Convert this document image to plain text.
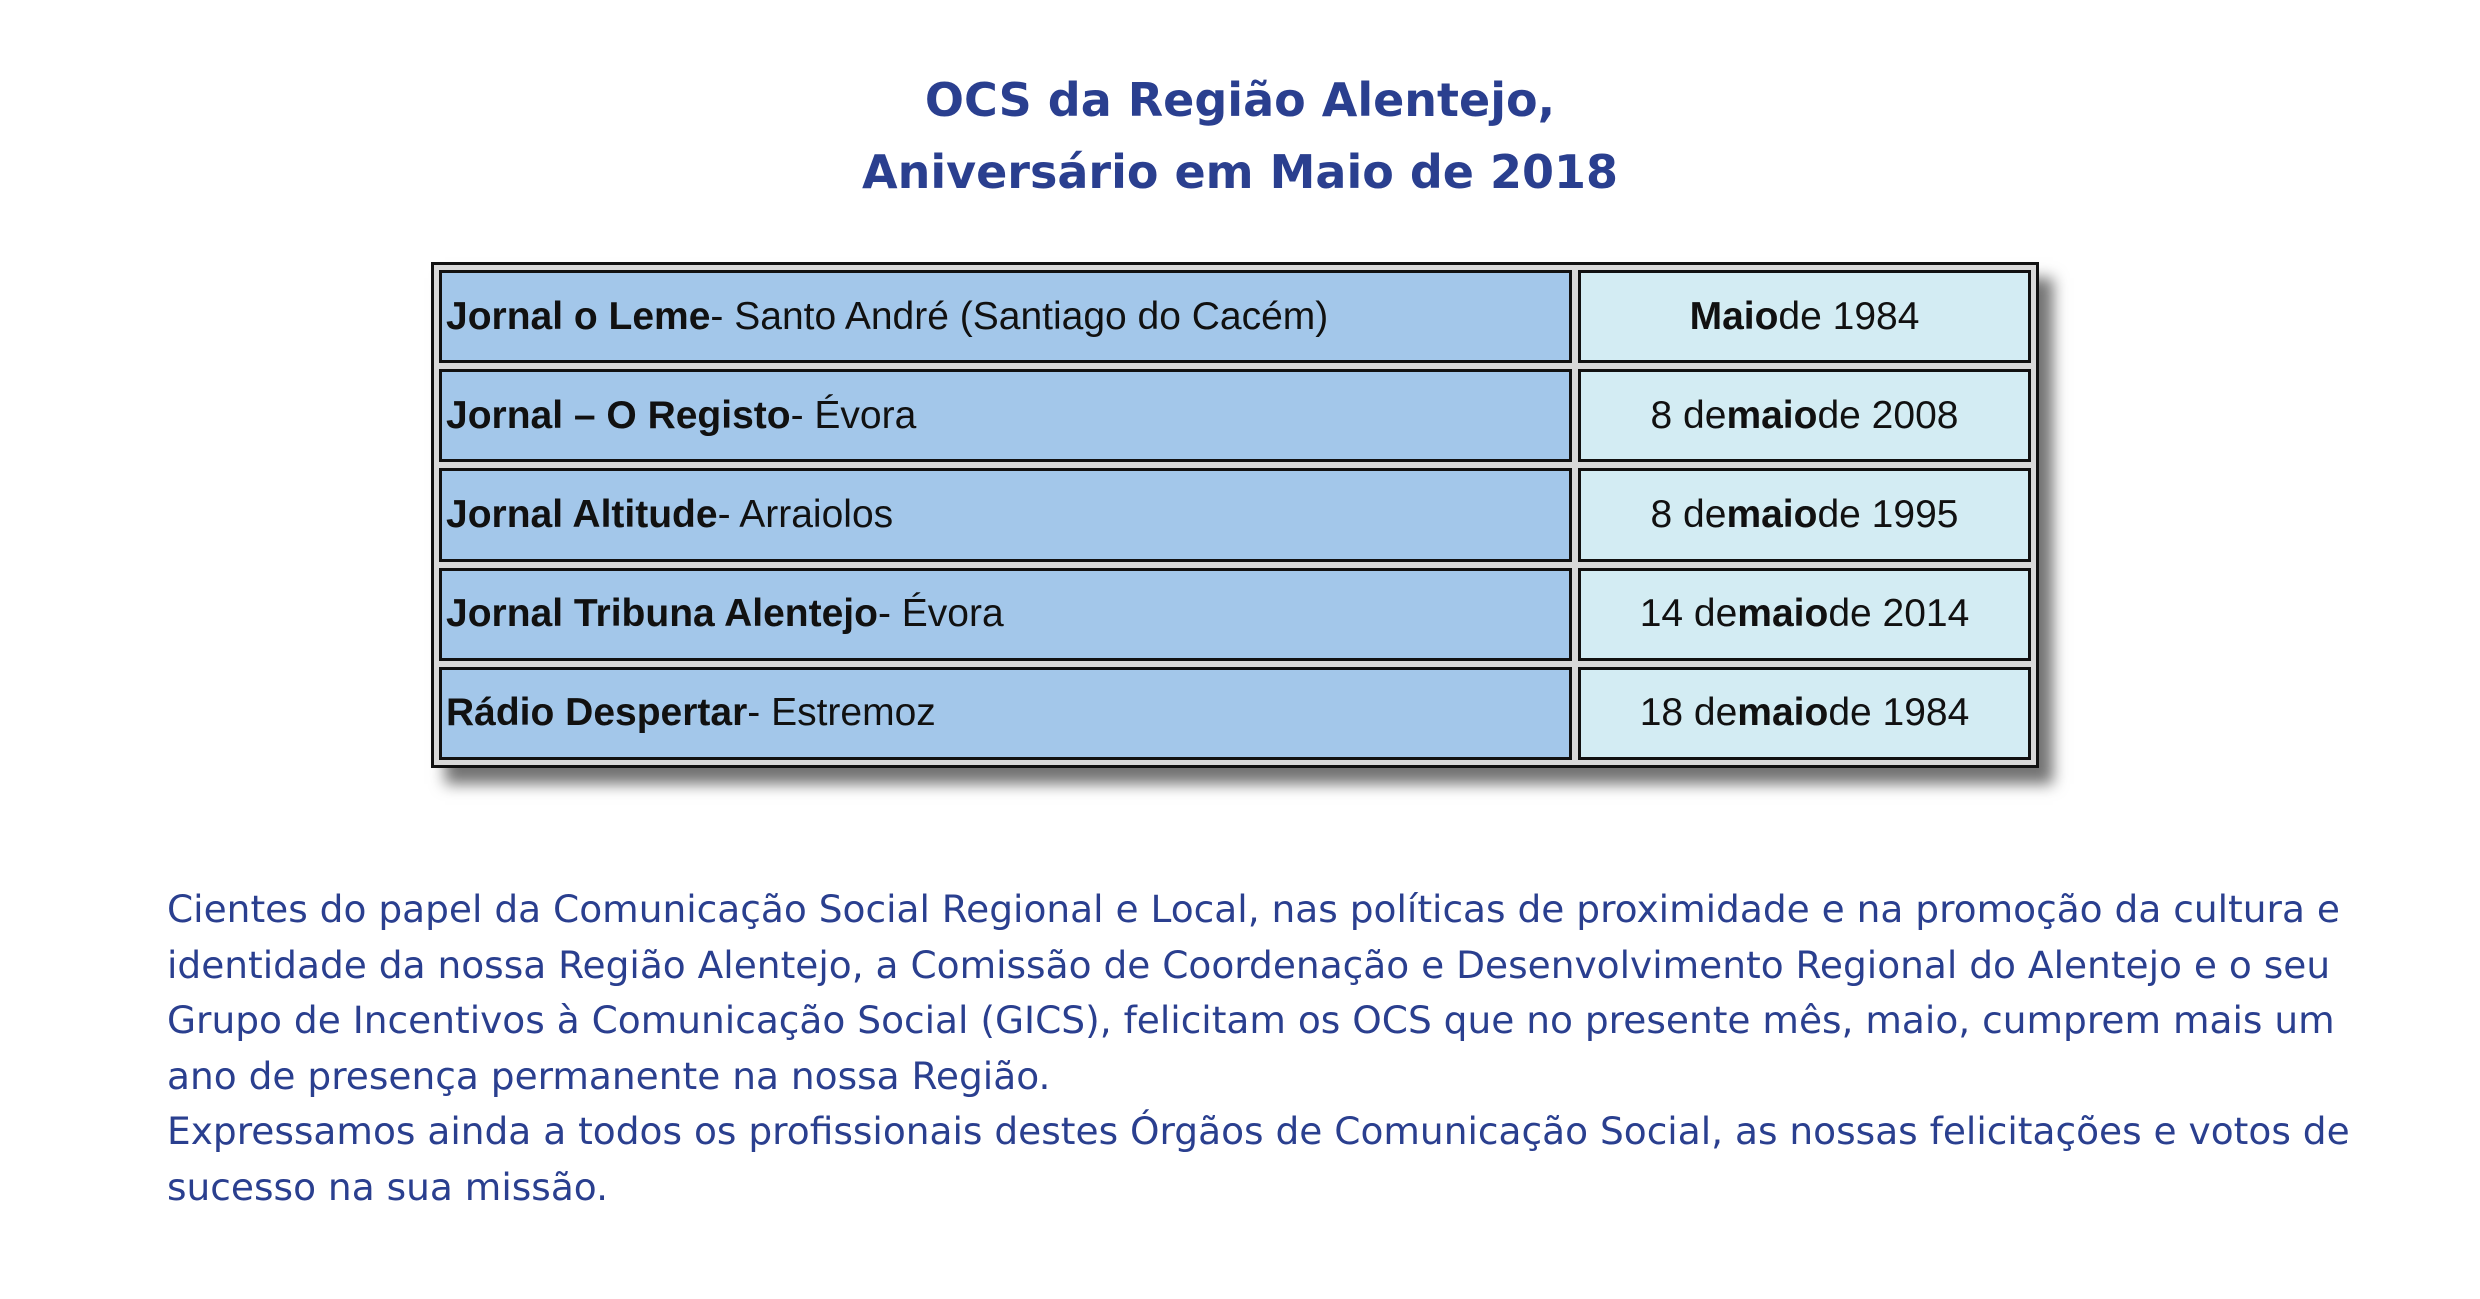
OCS da Região Alentejo,
Aniversário em Maio de 2018
Jornal o Leme - Santo André (Santiago do Cacém)	Maio de 1984
Jornal – O Registo - Évora	8 de maio de 2008
Jornal Altitude - Arraiolos	8 de maio de 1995
Jornal Tribuna Alentejo - Évora	14 de maio de 2014
Rádio Despertar - Estremoz	18 de maio de 1984

Cientes do papel da Comunicação Social Regional e Local, nas políticas de proximidade e na promoção da cultura e

identidade da nossa Região Alentejo, a Comissão de Coordenação e Desenvolvimento Regional do Alentejo e o seu

Grupo de Incentivos à Comunicação Social (GICS), felicitam os OCS que no presente mês, maio, cumprem mais um

ano de presença permanente na nossa Região.

Expressamos ainda a todos os profissionais destes Órgãos de Comunicação Social, as nossas felicitações e votos de

sucesso na sua missão.
